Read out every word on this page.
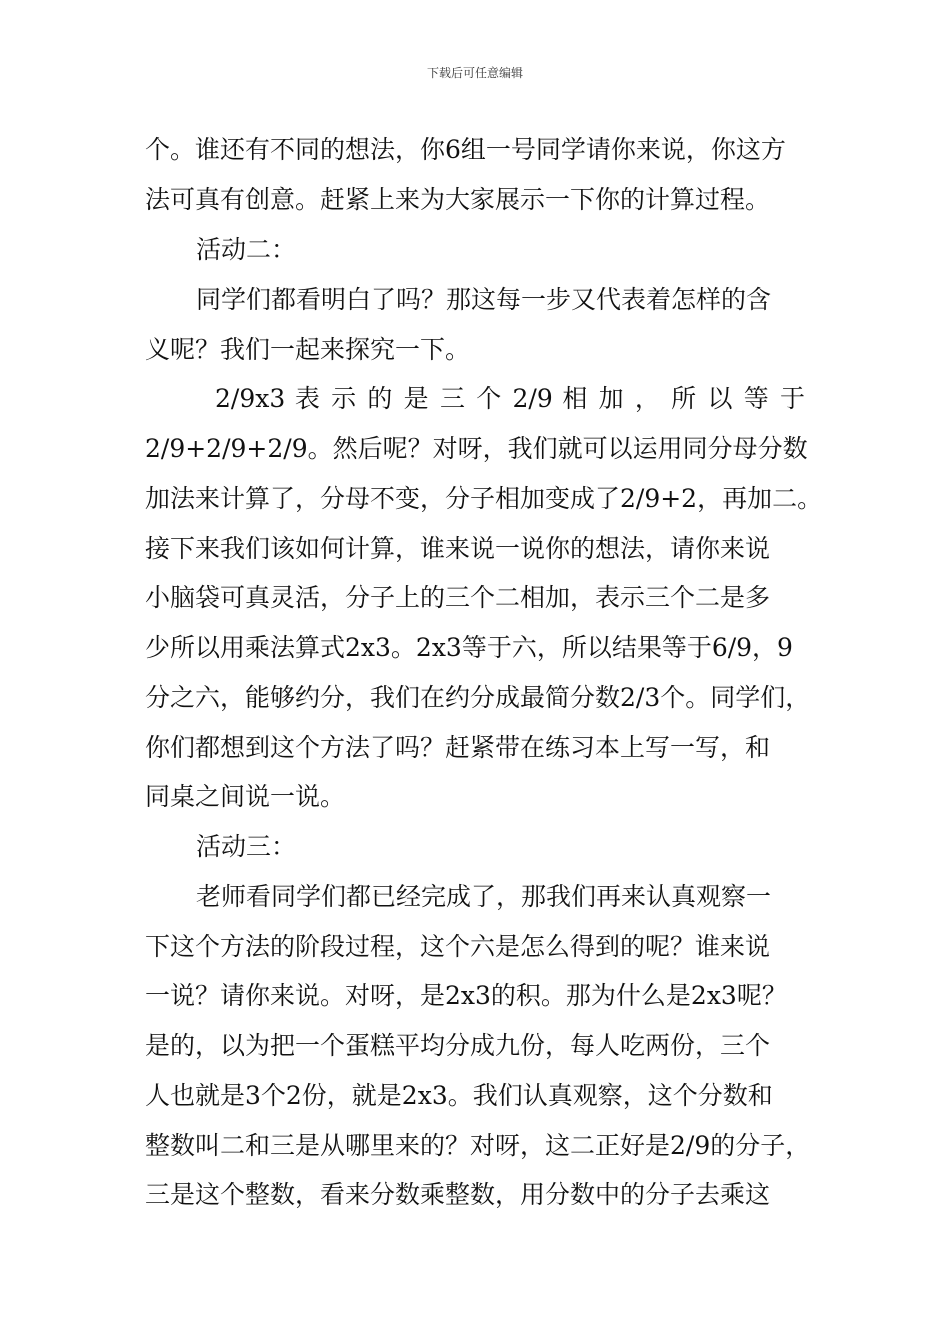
下载后可任意编辑
个。谁还有不同的想法，你6组一号同学请你来说，你这方
法可真有创意。赶紧上来为大家展示一下你的计算过程。
活动二：
同学们都看明白了吗？那这每一步又代表着怎样的含
义呢？我们一起来探究一下。
2/9x3 表 示 的 是 三 个 2/9 相 加 ， 所 以 等 于
2/9+2/9+2/9。然后呢？对呀，我们就可以运用同分母分数
加法来计算了，分母不变，分子相加变成了2/9+2，再加二。
接下来我们该如何计算，谁来说一说你的想法，请你来说
小脑袋可真灵活，分子上的三个二相加，表示三个二是多
少所以用乘法算式2x3。2x3等于六，所以结果等于6/9，9
分之六，能够约分，我们在约分成最简分数2/3个。同学们，
你们都想到这个方法了吗？赶紧带在练习本上写一写，和
同桌之间说一说。
活动三：
老师看同学们都已经完成了，那我们再来认真观察一
下这个方法的阶段过程，这个六是怎么得到的呢？谁来说
一说？请你来说。对呀，是2x3的积。那为什么是2x3呢？
是的，以为把一个蛋糕平均分成九份，每人吃两份，三个
人也就是3个2份，就是2x3。我们认真观察，这个分数和
整数叫二和三是从哪里来的？对呀，这二正好是2/9的分子，
三是这个整数，看来分数乘整数，用分数中的分子去乘这
